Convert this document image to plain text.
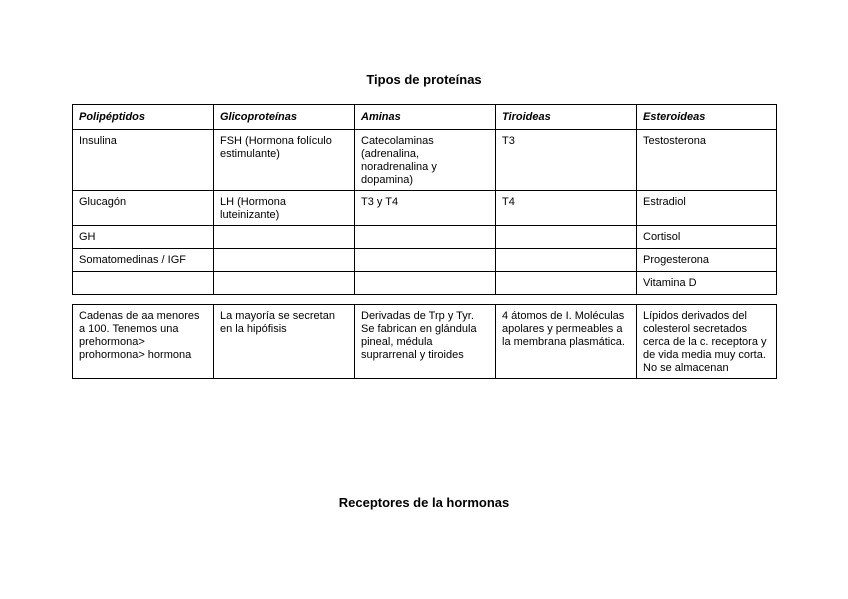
Tipos de proteínas
Polipéptidos	Glicoproteínas	Aminas	Tiroideas	Esteroideas
Insulina	FSH (Hormona folículo estimulante)	Catecolaminas (adrenalina, noradrenalina y dopamina)	T3	Testosterona
Glucagón	LH (Hormona luteinizante)	T3 y T4	T4	Estradiol
GH				Cortisol
Somatomedinas / IGF				Progesterona
				Vitamina D
Cadenas de aa menores a 100. Tenemos una prehormona> prohormona> hormona	La mayoría se secretan en la hipófisis	Derivadas de Trp y Tyr. Se fabrican en glándula pineal, médula suprarrenal y tiroides	4 átomos de I. Moléculas apolares y permeables a la membrana plasmática.	Lípidos derivados del colesterol secretados cerca de la c. receptora y de vida media muy corta. No se almacenan
Receptores de la hormonas
